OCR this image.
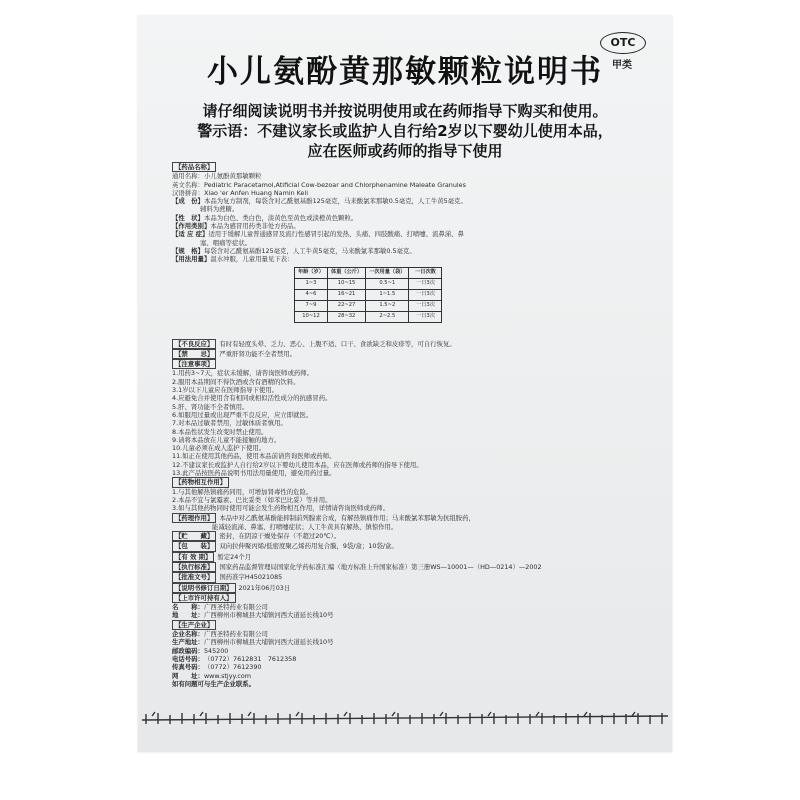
小儿氨酚黄那敏颗粒说明书
OTC
甲类
请仔细阅读说明书并按说明使用或在药师指导下购买和使用。
警示语：不建议家长或监护人自行给2岁以下婴幼儿使用本品，
应在医师或药师的指导下使用
【药品名称】
通用名称：小儿氨酚黄那敏颗粒
英文名称：Pediatric Paracetamol,Atificial Cow-bezoar and Chlorphenamine Maleate Granules
汉语拼音：Xiao 'er Anfen Huang Namin Keli
【成　份】本品为复方制剂，每袋含对乙酰氨基酚125毫克，马来酸氯苯那敏0.5毫克，人工牛黄5毫克。
辅料为蔗糖。
【性　状】本品为白色、类白色，淡黄色至黄色或淡橙黄色颗粒。
【作用类别】本品为感冒用药类非处方药品。
【适 应 症】适用于缓解儿童普通感冒及流行性感冒引起的发热、头痛、四肢酸痛、打喷嚏、流鼻涕、鼻
塞、咽痛等症状。
【规　格】每袋含对乙酰氨基酚125毫克，人工牛黄5毫克，马来酸氯苯那敏0.5毫克。
【用法用量】温水冲服，儿童用量见下表：
年龄（岁）	体重（公斤）	一次用量（袋）	一日次数
1~3	10~15	0.5~1	一日3次
4~6	16~21	1~1.5	一日3次
7~9	22~27	1.5~2	一日3次
10~12	28~32	2~2.5	一日3次
【不良反应】 有时有轻度头晕、乏力、恶心、上腹不适、口干、食欲缺乏和皮疹等，可自行恢复。
【禁　　忌】 严重肝肾功能不全者禁用。
【注意事项】
1.用药3~7天，症状未缓解，请咨询医师或药师。
2.服用本品期间不得饮酒或含有酒精的饮料。
3.1岁以下儿童应在医师指导下使用。
4.应避免合并使用含有相同或相似活性成分的抗感冒药。
5.肝、肾功能不全者慎用。
6.如服用过量或出现严重不良反应，应立即就医。
7.对本品过敏者禁用，过敏体质者慎用。
8.本品性状发生改变时禁止使用。
9.请将本品放在儿童不能接触的地方。
10.儿童必须在成人监护下使用。
11.如正在使用其他药品，使用本品前请咨询医师或药师。
12.不建议家长或监护人自行给2岁以下婴幼儿使用本品，应在医师或药师的指导下使用。
13.此产品按医药品说明书用法用量使用，避免用药过量。
【药物相互作用】
1.与其他解热镇痛药同用，可增加肾毒性的危险。
2.本品不宜与氯霉素、巴比妥类（如苯巴比妥）等并用。
3.如与其他药物同时使用可能会发生药物相互作用，详情请咨询医师或药师。
【药理作用】 本品中对乙酰氨基酚能抑制前列腺素合成，有解热镇痛作用；马来酸氯苯那敏为抗组胺药，
能减轻流涕、鼻塞、打喷嚏症状；人工牛黄具有解热、镇惊作用。
【贮　　藏】 密封，在阴凉干燥处保存（不超过20℃）。
【包　　装】 双向拉伸聚丙烯/低密度聚乙烯药用复合膜，9袋/盒；10袋/盒。
【有 效 期】 暂定24个月
【执行标准】 国家药品监督管理局国家化学药标准汇编（地方标准上升国家标准）第三册WS—10001—（HD—0214）—2002
【批准文号】 国药准字H45021085
【说明书修订日期】 2021年06月03日
【上市许可持有人】
名　　称：广西圣特药业有限公司
地　　址：广西柳州市柳城县大埔镇河西大道延长线10号
【生产企业】
企业名称：广西圣特药业有限公司
生产地址：广西柳州市柳城县大埔镇河西大道延长线10号
邮政编码：545200
电话号码：（0772）7612831　7612358
传真号码：（0772）7612390
网　　址：www.stjyy.com
如有问题可与生产企业联系。
